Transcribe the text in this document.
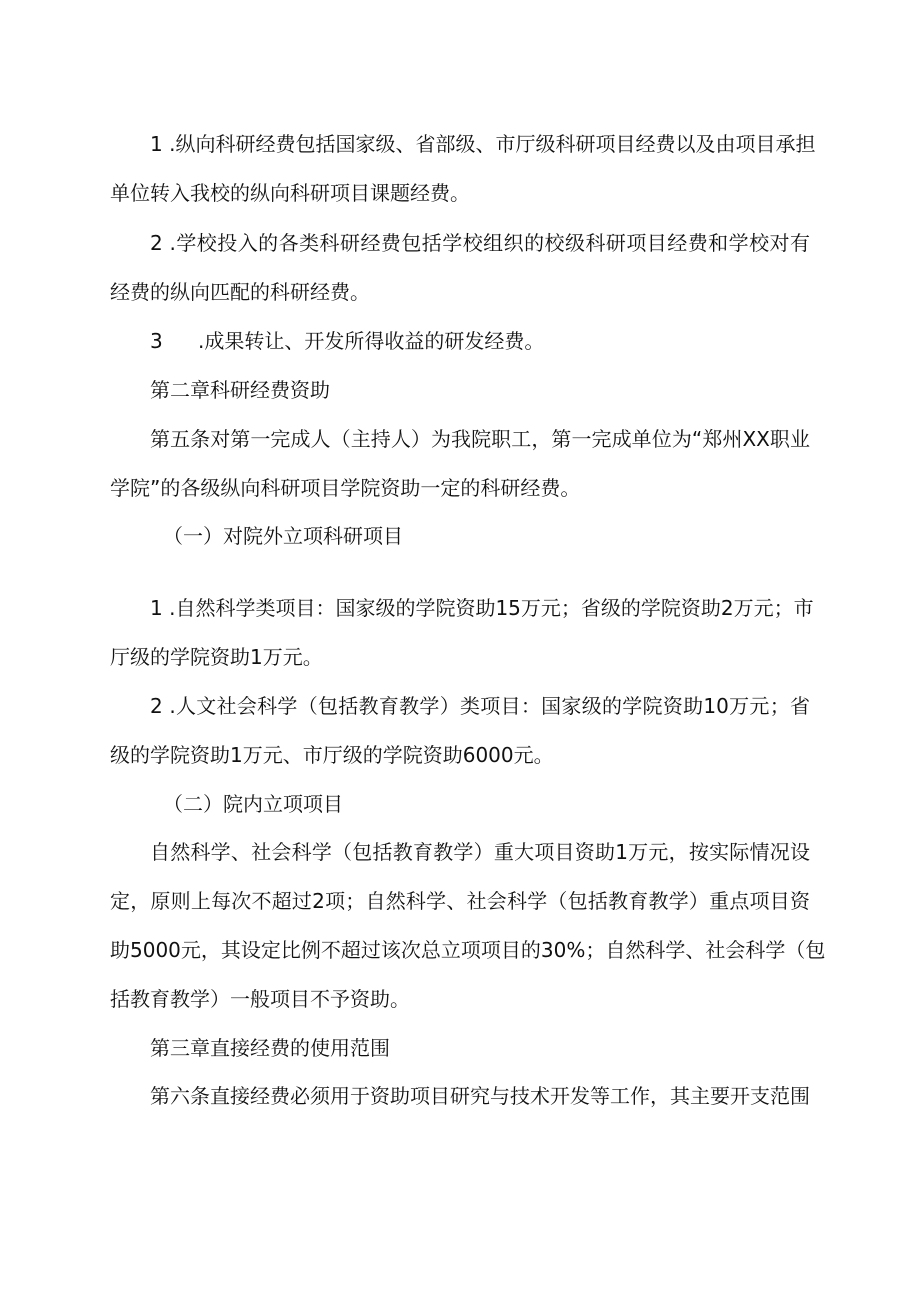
1 .纵向科研经费包括国家级、省部级、市厅级科研项目经费以及由项目承担
单位转入我校的纵向科研项目课题经费。
2 .学校投入的各类科研经费包括学校组织的校级科研项目经费和学校对有
经费的纵向匹配的科研经费。
3 .成果转让、开发所得收益的研发经费。
第二章科研经费资助
第五条对第一完成人（主持人）为我院职工，第一完成单位为“郑州XX职业
学院”的各级纵向科研项目学院资助一定的科研经费。
（一）对院外立项科研项目
1 .自然科学类项目：国家级的学院资助15万元；省级的学院资助2万元；市
厅级的学院资助1万元。
2 .人文社会科学（包括教育教学）类项目：国家级的学院资助10万元；省
级的学院资助1万元、市厅级的学院资助6000元。
（二）院内立项项目
自然科学、社会科学（包括教育教学）重大项目资助1万元，按实际情况设
定，原则上每次不超过2项；自然科学、社会科学（包括教育教学）重点项目资
助5000元，其设定比例不超过该次总立项项目的30%；自然科学、社会科学（包
括教育教学）一般项目不予资助。
第三章直接经费的使用范围
第六条直接经费必须用于资助项目研究与技术开发等工作，其主要开支范围
